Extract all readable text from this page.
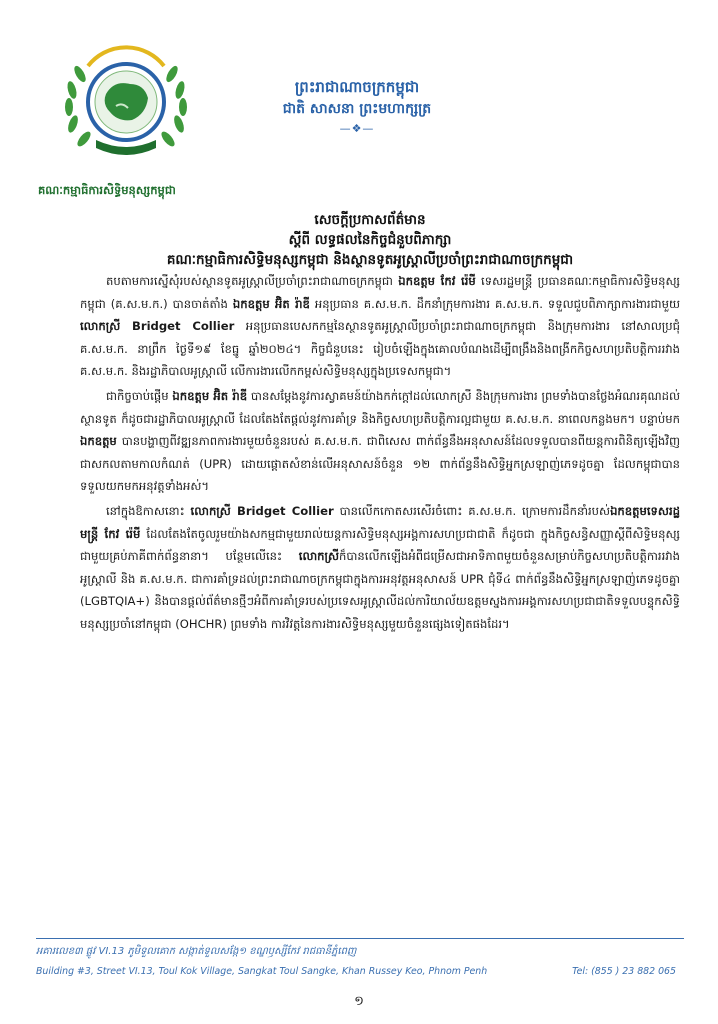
គណៈកម្មាធិការសិទ្ធិមនុស្សកម្ពុជា
ព្រះរាជាណាចក្រកម្ពុជា
ជាតិ សាសនា ព្រះមហាក្សត្រ
—❖—
សេចក្តីប្រកាសព័ត៌មាន
ស្តីពី លទ្ធផលនៃកិច្ចជំនួបពិភាក្សា
គណៈកម្មាធិការសិទ្ធិមនុស្សកម្ពុជា និងស្ថានទូតអូស្ត្រាលីប្រចាំព្រះរាជាណាចក្រកម្ពុជា

តបតាមការស្នើសុំរបស់ស្ថានទូតអូស្ត្រាលីប្រចាំព្រះរាជាណាចក្រកម្ពុជា ឯកឧត្តម កែវ រ៉េមី ទេសរដ្ឋមន្ត្រី ប្រធានគណៈកម្មាធិការសិទ្ធិមនុស្សកម្ពុជា (គ.ស.ម.ក.) បានចាត់តាំង ឯកឧត្តម អ៊ិត រ៉ាឌី អនុប្រធាន គ.ស.ម.ក. ដឹកនាំក្រុមការងារ គ.ស.ម.ក. ទទួលជួបពិភាក្សាការងារជាមួយ លោកស្រី Bridget Collier អនុប្រធានបេសកកម្មនៃស្ថានទូតអូស្ត្រាលីប្រចាំព្រះរាជាណាចក្រកម្ពុជា និងក្រុមការងារ នៅសាលប្រជុំ គ.ស.ម.ក. នាព្រឹក ថ្ងៃទី១៩ ខែធ្នូ ឆ្នាំ២០២៤។ កិច្ចជំនួបនេះ រៀបចំឡើងក្នុងគោលបំណងដើម្បីពង្រឹងនិងពង្រីកកិច្ចសហប្រតិបត្តិការរវាង គ.ស.ម.ក. និងរដ្ឋាភិបាលអូស្ត្រាលី លើការងារលើកកម្ពស់សិទ្ធិមនុស្សក្នុងប្រទេសកម្ពុជា។

ជាកិច្ចចាប់ផ្តើម ឯកឧត្តម អ៊ិត រ៉ាឌី បានសម្តែងនូវការស្វាគមន៍យ៉ាងកក់ក្តៅដល់លោកស្រី និងក្រុមការងារ ព្រមទាំងបានថ្លែងអំណរគុណដល់ស្ថានទូត ក៏ដូចជារដ្ឋាភិបាលអូស្ត្រាលី ដែលតែងតែផ្តល់នូវការគាំទ្រ និងកិច្ចសហប្រតិបត្តិការល្អជាមួយ គ.ស.ម.ក. នាពេលកន្លងមក។ បន្ទាប់មក ឯកឧត្តម បានបង្ហាញពីវឌ្ឍនភាពការងារមួយចំនួនរបស់ គ.ស.ម.ក. ជាពិសេស ពាក់ព័ន្ធនឹងអនុសាសន៍ដែលទទួលបានពីយន្តការពិនិត្យឡើងវិញជាសកលតាមកាលកំណត់ (UPR) ដោយផ្តោតសំខាន់លើអនុសាសន៍ចំនួន ១២ ពាក់ព័ន្ធនឹងសិទ្ធិអ្នកស្រឡាញ់ភេទដូចគ្នា ដែលកម្ពុជាបានទទួលយកមកអនុវត្តទាំងអស់។

នៅក្នុងឱកាសនោះ លោកស្រី Bridget Collier បានលើកកោតសរសើរចំពោះ គ.ស.ម.ក. ក្រោមការដឹកនាំរបស់ឯកឧត្តមទេសរដ្ឋមន្ត្រី កែវ រ៉េមី ដែលតែងតែចូលរួមយ៉ាងសកម្មជាមួយរាល់យន្តការសិទ្ធិមនុស្សអង្គការសហប្រជាជាតិ ក៏ដូចជា ក្នុងកិច្ចសន្ធិសញ្ញាស្តីពីសិទ្ធិមនុស្សជាមួយគ្រប់ភាគីពាក់ព័ន្ធនានា។ បន្ថែមលើនេះ លោកស្រីក៏បានលើកឡើងអំពីជម្រើសជាអាទិភាពមួយចំនួនសម្រាប់កិច្ចសហប្រតិបត្តិការរវាងអូស្ត្រាលី និង គ.ស.ម.ក. ជាការគាំទ្រដល់ព្រះរាជាណាចក្រកម្ពុជាក្នុងការអនុវត្តអនុសាសន៍ UPR ជុំទី៤ ពាក់ព័ន្ធនឹងសិទ្ធិអ្នកស្រឡាញ់ភេទដូចគ្នា (LGBTQIA+) និងបានផ្តល់ព័ត៌មានថ្មីៗអំពីការគាំទ្ររបស់ប្រទេសអូស្ត្រាលីដល់ការិយាល័យឧត្តមស្នងការអង្គការសហប្រជាជាតិទទួលបន្ទុកសិទ្ធិមនុស្សប្រចាំនៅកម្ពុជា (OHCHR) ព្រមទាំង ការវិវត្តនៃការងារសិទ្ធិមនុស្សមួយចំនួនផ្សេងទៀតផងដែរ។

អគារលេខ៣ ផ្លូវ VI.13 ភូមិទួលគោក សង្កាត់ទួលសង្កែ១ ខណ្ឌឫស្សីកែវ រាជធានីភ្នំពេញ
Building #3, Street VI.13, Toul Kok Village, Sangkat Toul Sangke, Khan Russey Keo, Phnom Penh	Tel: (855 ) 23 882 065
១
